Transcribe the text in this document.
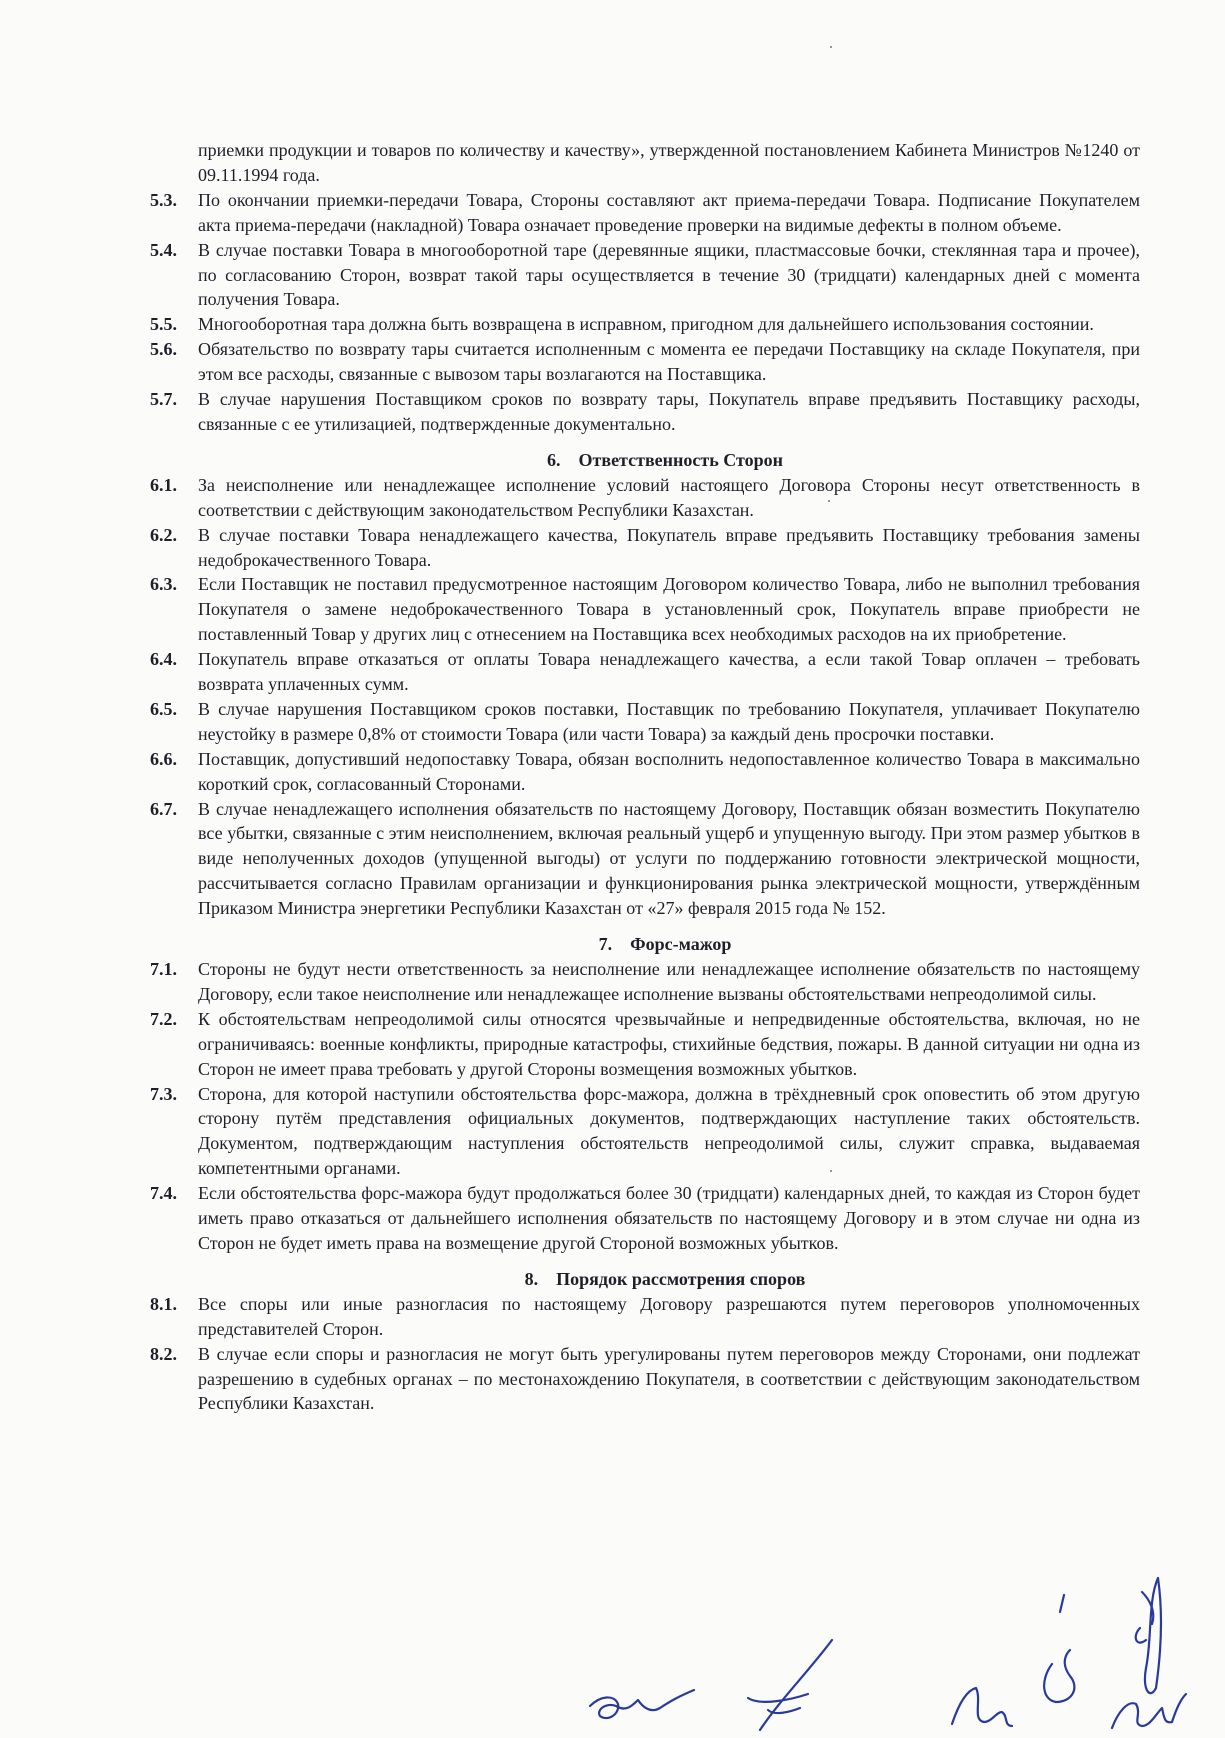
приемки продукции и товаров по количеству и качеству», утвержденной постановлением Кабинета Министров №1240 от 09.11.1994 года.
5.3.	По окончании приемки-передачи Товара, Стороны составляют акт приема-передачи Товара. Подписание Покупателем акта приема-передачи (накладной) Товара означает проведение проверки на видимые дефекты в полном объеме.
5.4.	В случае поставки Товара в многооборотной таре (деревянные ящики, пластмассовые бочки, стеклянная тара и прочее), по согласованию Сторон, возврат такой тары осуществляется в течение 30 (тридцати) календарных дней с момента получения Товара.
5.5.	Многооборотная тара должна быть возвращена в исправном, пригодном для дальнейшего использования состоянии.
5.6.	Обязательство по возврату тары считается исполненным с момента ее передачи Поставщику на складе Покупателя, при этом все расходы, связанные с вывозом тары возлагаются на Поставщика.
5.7.	В случае нарушения Поставщиком сроков по возврату тары, Покупатель вправе предъявить Поставщику расходы, связанные с ее утилизацией, подтвержденные документально.
6. Ответственность Сторон
6.1.	За неисполнение или ненадлежащее исполнение условий настоящего Договора Стороны несут ответственность в соответствии с действующим законодательством Республики Казахстан.
6.2.	В случае поставки Товара ненадлежащего качества, Покупатель вправе предъявить Поставщику требования замены недоброкачественного Товара.
6.3.	Если Поставщик не поставил предусмотренное настоящим Договором количество Товара, либо не выполнил требования Покупателя о замене недоброкачественного Товара в установленный срок, Покупатель вправе приобрести не поставленный Товар у других лиц с отнесением на Поставщика всех необходимых расходов на их приобретение.
6.4.	Покупатель вправе отказаться от оплаты Товара ненадлежащего качества, а если такой Товар оплачен – требовать возврата уплаченных сумм.
6.5.	В случае нарушения Поставщиком сроков поставки, Поставщик по требованию Покупателя, уплачивает Покупателю неустойку в размере 0,8% от стоимости Товара (или части Товара) за каждый день просрочки поставки.
6.6.	Поставщик, допустивший недопоставку Товара, обязан восполнить недопоставленное количество Товара в максимально короткий срок, согласованный Сторонами.
6.7.	В случае ненадлежащего исполнения обязательств по настоящему Договору, Поставщик обязан возместить Покупателю все убытки, связанные с этим неисполнением, включая реальный ущерб и упущенную выгоду. При этом размер убытков в виде неполученных доходов (упущенной выгоды) от услуги по поддержанию готовности электрической мощности, рассчитывается согласно Правилам организации и функционирования рынка электрической мощности, утверждённым Приказом Министра энергетики Республики Казахстан от «27» февраля 2015 года № 152.
7. Форс-мажор
7.1.	Стороны не будут нести ответственность за неисполнение или ненадлежащее исполнение обязательств по настоящему Договору, если такое неисполнение или ненадлежащее исполнение вызваны обстоятельствами непреодолимой силы.
7.2.	К обстоятельствам непреодолимой силы относятся чрезвычайные и непредвиденные обстоятельства, включая, но не ограничиваясь: военные конфликты, природные катастрофы, стихийные бедствия, пожары. В данной ситуации ни одна из Сторон не имеет права требовать у другой Стороны возмещения возможных убытков.
7.3.	Сторона, для которой наступили обстоятельства форс-мажора, должна в трёхдневный срок оповестить об этом другую сторону путём представления официальных документов, подтверждающих наступление таких обстоятельств. Документом, подтверждающим наступления обстоятельств непреодолимой силы, служит справка, выдаваемая компетентными органами.
7.4.	Если обстоятельства форс-мажора будут продолжаться более 30 (тридцати) календарных дней, то каждая из Сторон будет иметь право отказаться от дальнейшего исполнения обязательств по настоящему Договору и в этом случае ни одна из Сторон не будет иметь права на возмещение другой Стороной возможных убытков.
8. Порядок рассмотрения споров
8.1.	Все споры или иные разногласия по настоящему Договору разрешаются путем переговоров уполномоченных представителей Сторон.
8.2.	В случае если споры и разногласия не могут быть урегулированы путем переговоров между Сторонами, они подлежат разрешению в судебных органах – по местонахождению Покупателя, в соответствии с действующим законодательством Республики Казахстан.
